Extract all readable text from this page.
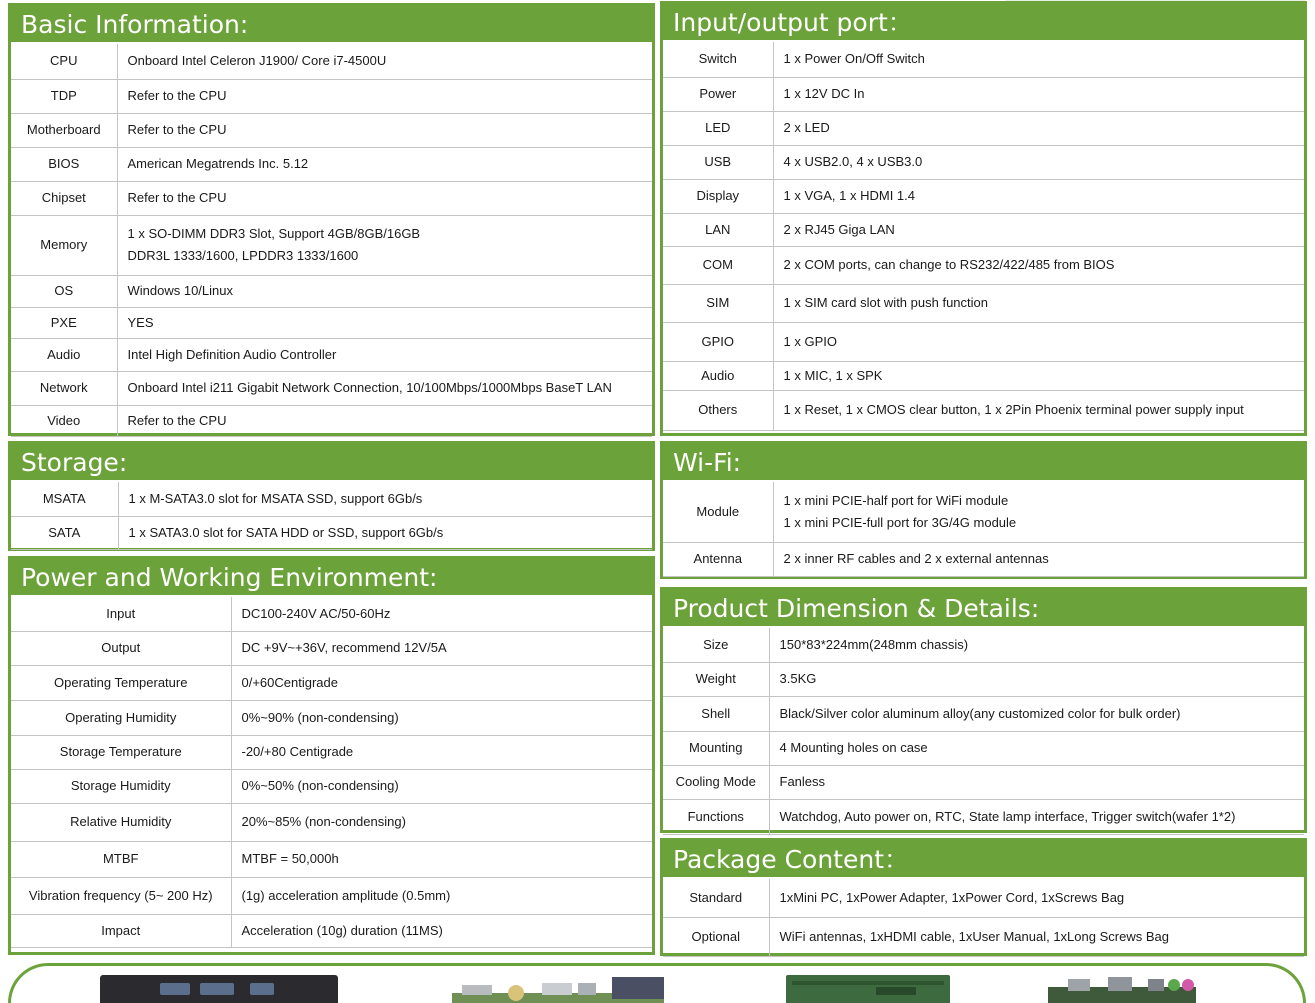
Basic Information:
CPU	Onboard Intel Celeron J1900/ Core i7-4500U
TDP	Refer to the CPU
Motherboard	Refer to the CPU
BIOS	American Megatrends Inc. 5.12
Chipset	Refer to the CPU
Memory	1 x SO-DIMM DDR3 Slot, Support 4GB/8GB/16GB
DDR3L 1333/1600, LPDDR3 1333/1600

OS	Windows 10/Linux
PXE	YES
Audio	Intel High Definition Audio Controller
Network	Onboard Intel i211 Gigabit Network Connection, 10/100Mbps/1000Mbps BaseT LAN
Video	Refer to the CPU
Storage:
MSATA	1 x M-SATA3.0 slot for MSATA SSD, support 6Gb/s
SATA	1 x SATA3.0 slot for SATA HDD or SSD, support 6Gb/s
Power and Working Environment:
Input	DC100-240V AC/50-60Hz
Output	DC +9V~+36V, recommend 12V/5A
Operating Temperature	0/+60Centigrade
Operating Humidity	0%~90% (non-condensing)
Storage Temperature	-20/+80 Centigrade
Storage Humidity	0%~50% (non-condensing)
Relative Humidity	20%~85% (non-condensing)
MTBF	MTBF = 50,000h
Vibration frequency (5~ 200 Hz)	(1g) acceleration amplitude (0.5mm)
Impact	Acceleration (10g) duration (11MS)
Input/output port：
Switch	1 x Power On/Off Switch
Power	1 x 12V DC In
LED	2 x LED
USB	4 x USB2.0, 4 x USB3.0
Display	1 x VGA, 1 x HDMI 1.4
LAN	2 x RJ45 Giga LAN
COM	2 x COM ports, can change to RS232/422/485 from BIOS
SIM	1 x SIM card slot with push function
GPIO	1 x GPIO
Audio	1 x MIC, 1 x SPK
Others	1 x Reset, 1 x CMOS clear button, 1 x 2Pin Phoenix terminal power supply input
Wi-Fi:
Module	1 x mini PCIE-half port for WiFi module
1 x mini PCIE-full port for 3G/4G module

Antenna	2 x inner RF cables and 2 x external antennas
Product Dimension & Details:
Size	150*83*224mm(248mm chassis)
Weight	3.5KG
Shell	Black/Silver color aluminum alloy(any customized color for bulk order)
Mounting	4 Mounting holes on case
Cooling Mode	Fanless
Functions	Watchdog, Auto power on, RTC, State lamp interface, Trigger switch(wafer 1*2)
Package Content：
Standard	1xMini PC, 1xPower Adapter, 1xPower Cord, 1xScrews Bag
Optional	WiFi antennas, 1xHDMI cable, 1xUser Manual, 1xLong Screws Bag
